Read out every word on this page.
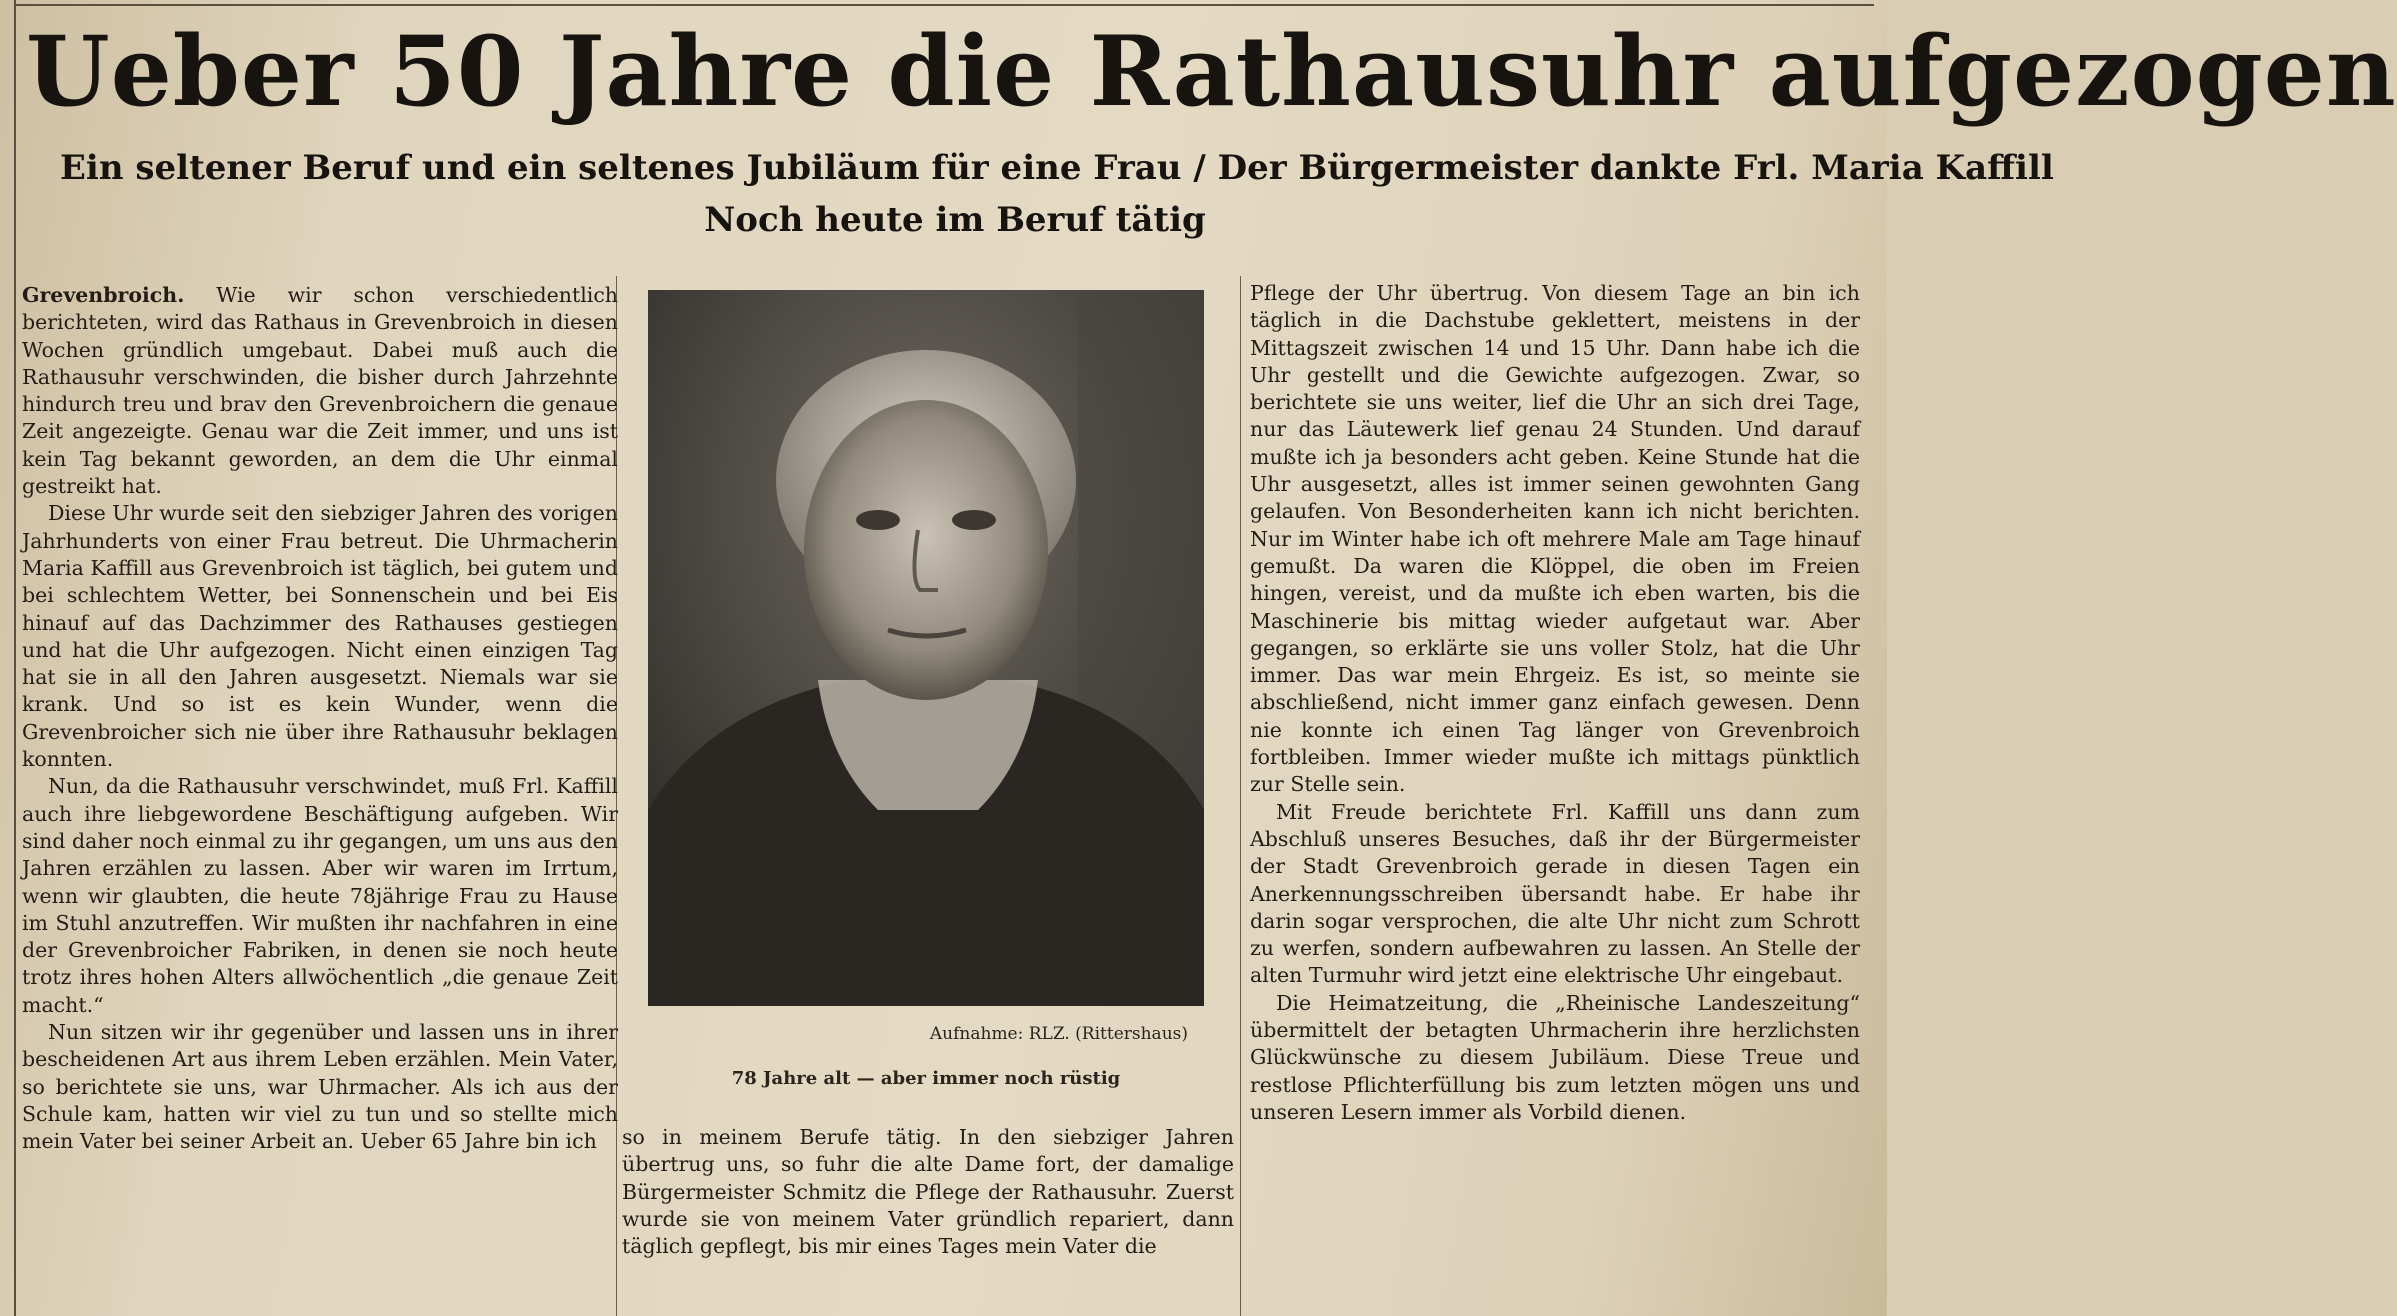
Ueber 50 Jahre die Rathausuhr aufgezogen
Ein seltener Beruf und ein seltenes Jubiläum für eine Frau / Der Bürgermeister dankte Frl. Maria Kaffill
Noch heute im Beruf tätig

Grevenbroich. Wie wir schon verschiedentlich berichteten, wird das Rathaus in Grevenbroich in diesen Wochen gründlich umgebaut. Dabei muß auch die Rathausuhr verschwinden, die bisher durch Jahrzehnte hindurch treu und brav den Grevenbroichern die genaue Zeit angezeigte. Genau war die Zeit immer, und uns ist kein Tag bekannt geworden, an dem die Uhr einmal gestreikt hat.

Diese Uhr wurde seit den siebziger Jahren des vorigen Jahrhunderts von einer Frau betreut. Die Uhrmacherin Maria Kaffill aus Grevenbroich ist täglich, bei gutem und bei schlechtem Wetter, bei Sonnenschein und bei Eis hinauf auf das Dachzimmer des Rathauses gestiegen und hat die Uhr aufgezogen. Nicht einen einzigen Tag hat sie in all den Jahren ausgesetzt. Niemals war sie krank. Und so ist es kein Wunder, wenn die Grevenbroicher sich nie über ihre Rathausuhr beklagen konnten.

Nun, da die Rathausuhr verschwindet, muß Frl. Kaffill auch ihre liebgewordene Beschäftigung aufgeben. Wir sind daher noch einmal zu ihr gegangen, um uns aus den Jahren erzählen zu lassen. Aber wir waren im Irrtum, wenn wir glaubten, die heute 78jährige Frau zu Hause im Stuhl anzutreffen. Wir mußten ihr nachfahren in eine der Grevenbroicher Fabriken, in denen sie noch heute trotz ihres hohen Alters allwöchentlich „die genaue Zeit macht.“

Nun sitzen wir ihr gegenüber und lassen uns in ihrer bescheidenen Art aus ihrem Leben erzählen. Mein Vater, so berichtete sie uns, war Uhrmacher. Als ich aus der Schule kam, hatten wir viel zu tun und so stellte mich mein Vater bei seiner Arbeit an. Ueber 65 Jahre bin ich

Aufnahme: RLZ. (Rittershaus)
78 Jahre alt — aber immer noch rüstig

so in meinem Berufe tätig. In den siebziger Jahren übertrug uns, so fuhr die alte Dame fort, der damalige Bürgermeister Schmitz die Pflege der Rathausuhr. Zuerst wurde sie von meinem Vater gründlich repariert, dann täglich gepflegt, bis mir eines Tages mein Vater die

Pflege der Uhr übertrug. Von diesem Tage an bin ich täglich in die Dachstube geklettert, meistens in der Mittagszeit zwischen 14 und 15 Uhr. Dann habe ich die Uhr gestellt und die Gewichte aufgezogen. Zwar, so berichtete sie uns weiter, lief die Uhr an sich drei Tage, nur das Läutewerk lief genau 24 Stunden. Und darauf mußte ich ja besonders acht geben. Keine Stunde hat die Uhr ausgesetzt, alles ist immer seinen gewohnten Gang gelaufen. Von Besonderheiten kann ich nicht berichten. Nur im Winter habe ich oft mehrere Male am Tage hinauf gemußt. Da waren die Klöppel, die oben im Freien hingen, vereist, und da mußte ich eben warten, bis die Maschinerie bis mittag wieder aufgetaut war. Aber gegangen, so erklärte sie uns voller Stolz, hat die Uhr immer. Das war mein Ehrgeiz. Es ist, so meinte sie abschließend, nicht immer ganz einfach gewesen. Denn nie konnte ich einen Tag länger von Grevenbroich fortbleiben. Immer wieder mußte ich mittags pünktlich zur Stelle sein.

Mit Freude berichtete Frl. Kaffill uns dann zum Abschluß unseres Besuches, daß ihr der Bürgermeister der Stadt Grevenbroich gerade in diesen Tagen ein Anerkennungsschreiben übersandt habe. Er habe ihr darin sogar versprochen, die alte Uhr nicht zum Schrott zu werfen, sondern aufbewahren zu lassen. An Stelle der alten Turmuhr wird jetzt eine elektrische Uhr eingebaut.

Die Heimatzeitung, die „Rheinische Landeszeitung“ übermittelt der betagten Uhrmacherin ihre herzlichsten Glückwünsche zu diesem Jubiläum. Diese Treue und restlose Pflichterfüllung bis zum letzten mögen uns und unseren Lesern immer als Vorbild dienen.
